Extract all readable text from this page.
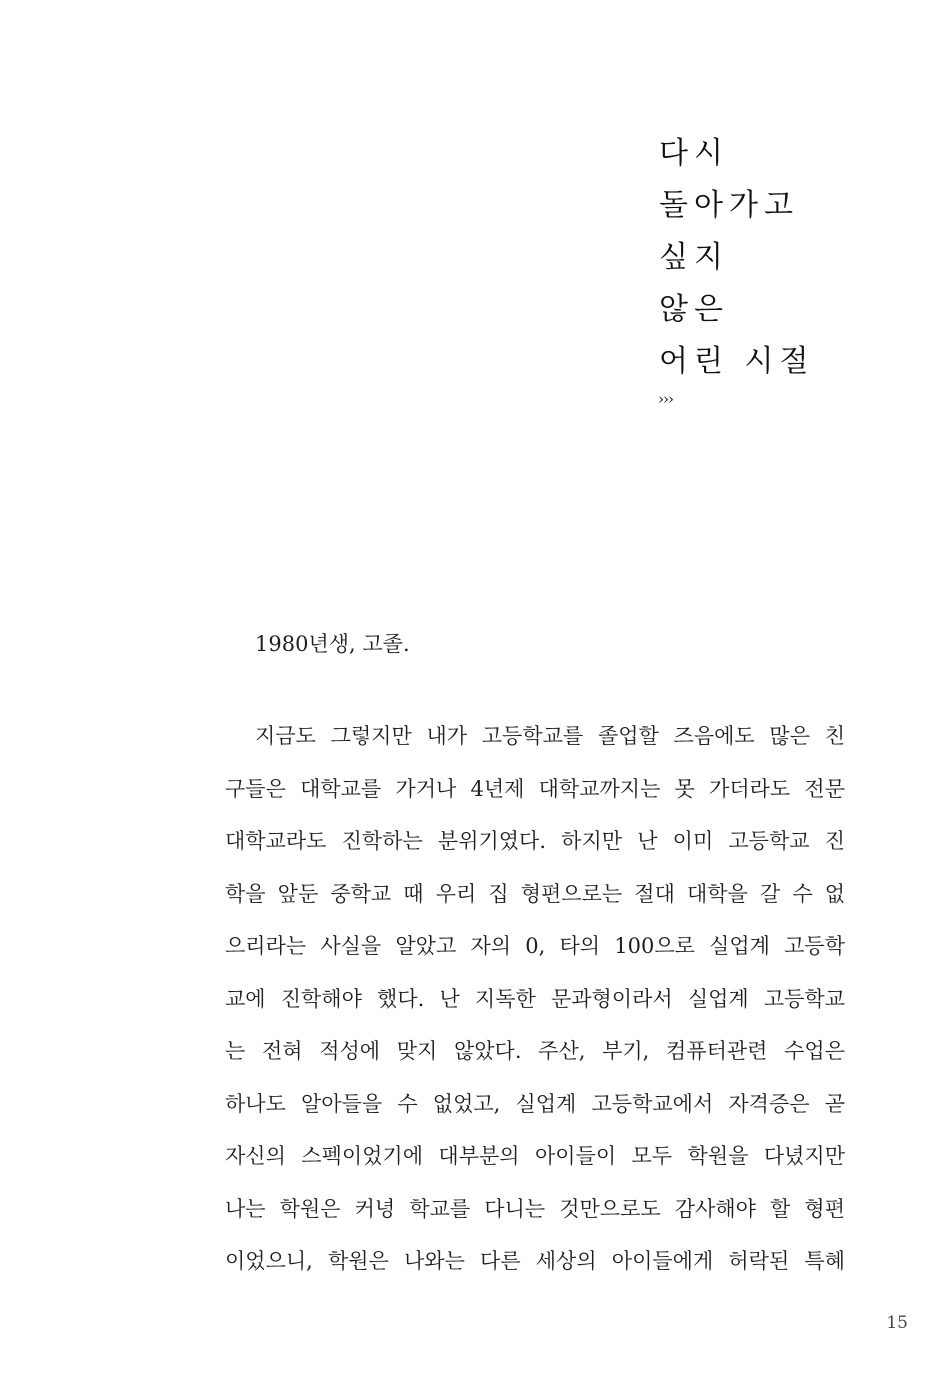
다시
돌아가고
싶지
않은
어린 시절
›››

1980년생, 고졸.

지금도 그렇지만 내가 고등학교를 졸업할 즈음에도 많은 친
구들은 대학교를 가거나 4년제 대학교까지는 못 가더라도 전문
대학교라도 진학하는 분위기였다. 하지만 난 이미 고등학교 진
학을 앞둔 중학교 때 우리 집 형편으로는 절대 대학을 갈 수 없
으리라는 사실을 알았고 자의 0, 타의 100으로 실업계 고등학
교에 진학해야 했다. 난 지독한 문과형이라서 실업계 고등학교
는 전혀 적성에 맞지 않았다. 주산, 부기, 컴퓨터관련 수업은
하나도 알아들을 수 없었고, 실업계 고등학교에서 자격증은 곧
자신의 스펙이었기에 대부분의 아이들이 모두 학원을 다녔지만
나는 학원은 커녕 학교를 다니는 것만으로도 감사해야 할 형편
이었으니, 학원은 나와는 다른 세상의 아이들에게 허락된 특혜
15
